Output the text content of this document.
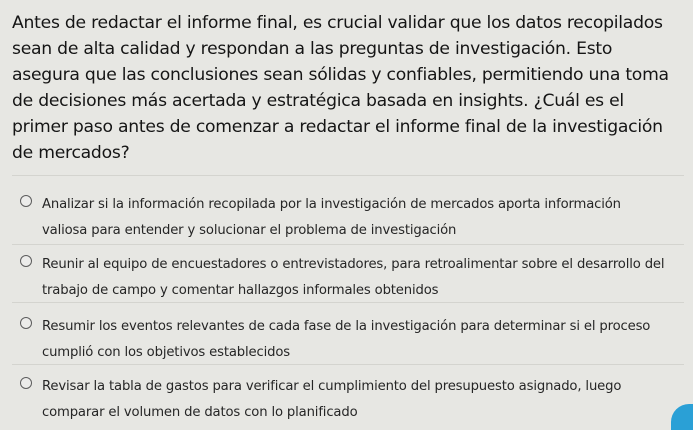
Antes de redactar el informe final, es crucial validar que los datos recopilados sean de alta calidad y respondan a las preguntas de investigación. Esto asegura que las conclusiones sean sólidas y confiables, permitiendo una toma de decisiones más acertada y estratégica basada en insights. ¿Cuál es el primer paso antes de comenzar a redactar el informe final de la investigación de mercados?
Analizar si la información recopilada por la investigación de mercados aporta información valiosa para entender y solucionar el problema de investigación
Reunir al equipo de encuestadores o entrevistadores, para retroalimentar sobre el desarrollo del trabajo de campo y comentar hallazgos informales obtenidos
Resumir los eventos relevantes de cada fase de la investigación para determinar si el proceso cumplió con los objetivos establecidos
Revisar la tabla de gastos para verificar el cumplimiento del presupuesto asignado, luego comparar el volumen de datos con lo planificado
